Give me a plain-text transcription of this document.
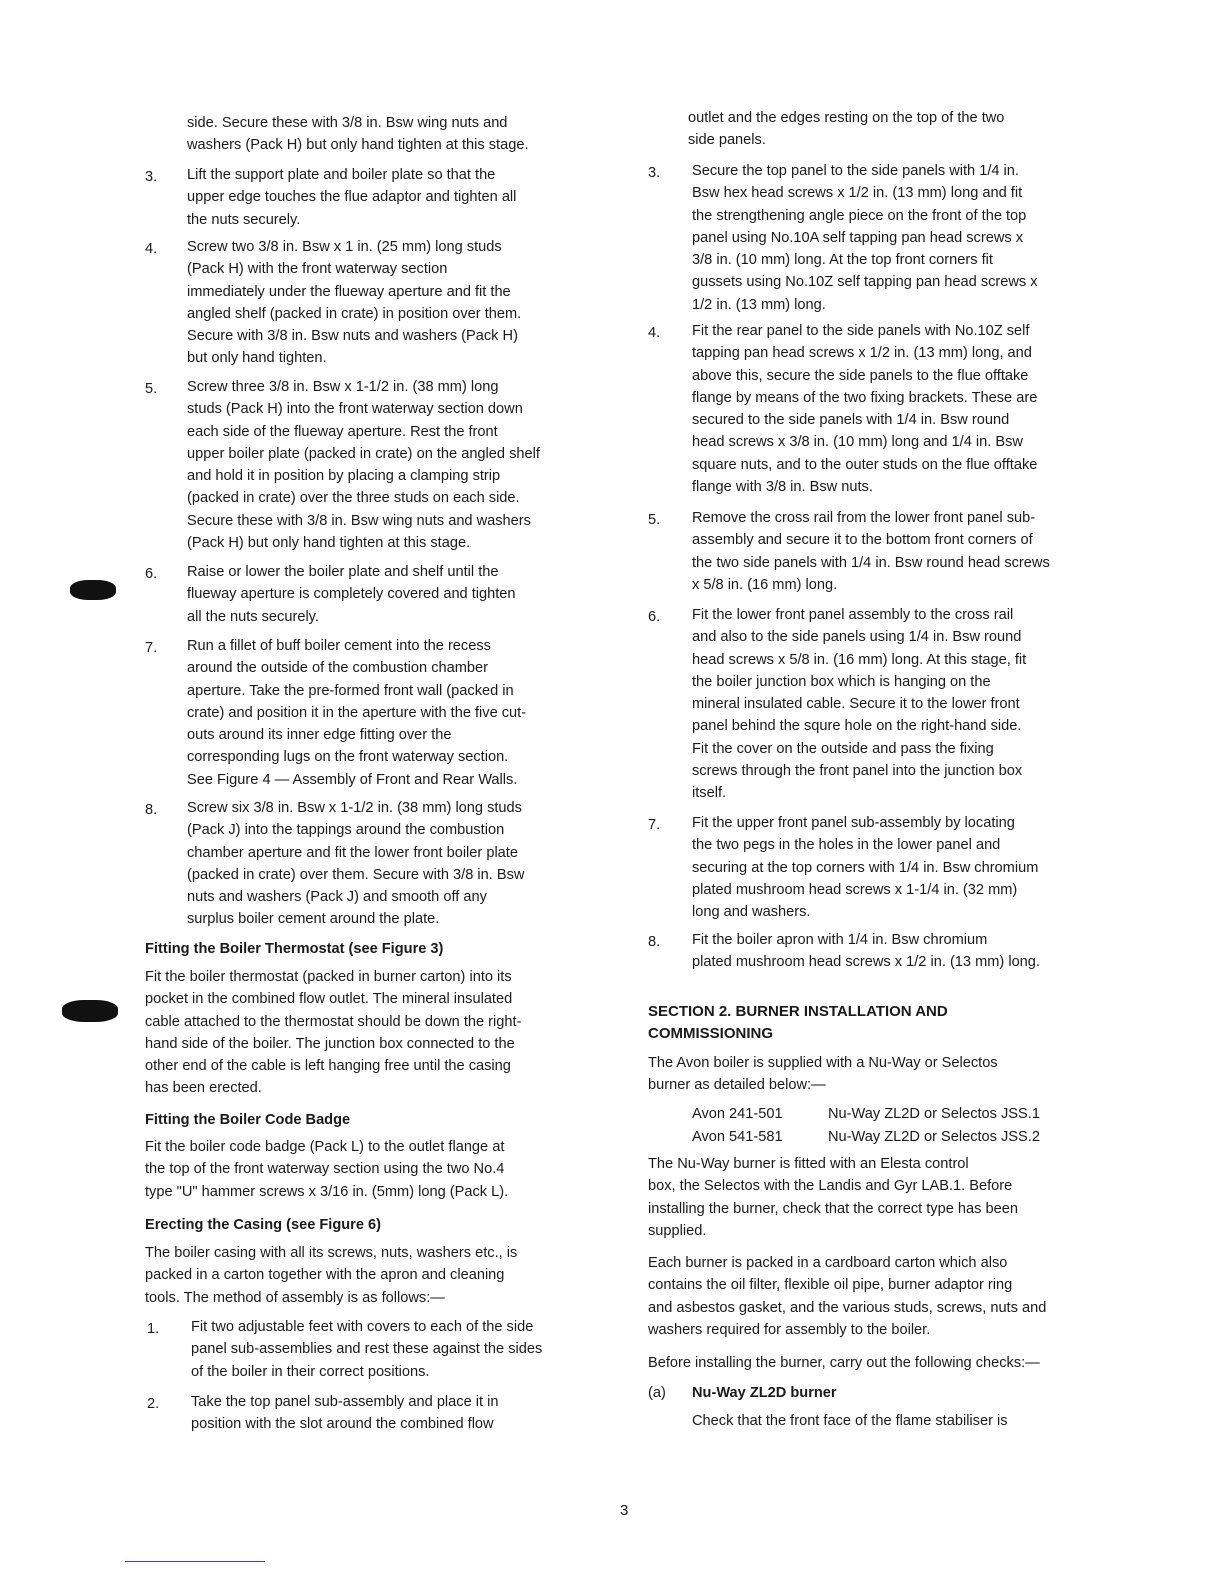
side. Secure these with 3/8 in. Bsw wing nuts and
washers (Pack H) but only hand tighten at this stage.
3. Lift the support plate and boiler plate so that the
upper edge touches the flue adaptor and tighten all
the nuts securely.
4. Screw two 3/8 in. Bsw x 1 in. (25 mm) long studs
(Pack H) with the front waterway section
immediately under the flueway aperture and fit the
angled shelf (packed in crate) in position over them.
Secure with 3/8 in. Bsw nuts and washers (Pack H)
but only hand tighten.
5. Screw three 3/8 in. Bsw x 1-1/2 in. (38 mm) long
studs (Pack H) into the front waterway section down
each side of the flueway aperture. Rest the front
upper boiler plate (packed in crate) on the angled shelf
and hold it in position by placing a clamping strip
(packed in crate) over the three studs on each side.
Secure these with 3/8 in. Bsw wing nuts and washers
(Pack H) but only hand tighten at this stage.
6. Raise or lower the boiler plate and shelf until the
flueway aperture is completely covered and tighten
all the nuts securely.
7. Run a fillet of buff boiler cement into the recess
around the outside of the combustion chamber
aperture. Take the pre-formed front wall (packed in
crate) and position it in the aperture with the five cut-
outs around its inner edge fitting over the
corresponding lugs on the front waterway section.
See Figure 4 — Assembly of Front and Rear Walls.
8. Screw six 3/8 in. Bsw x 1-1/2 in. (38 mm) long studs
(Pack J) into the tappings around the combustion
chamber aperture and fit the lower front boiler plate
(packed in crate) over them. Secure with 3/8 in. Bsw
nuts and washers (Pack J) and smooth off any
surplus boiler cement around the plate.
Fitting the Boiler Thermostat (see Figure 3)
Fit the boiler thermostat (packed in burner carton) into its
pocket in the combined flow outlet. The mineral insulated
cable attached to the thermostat should be down the right-
hand side of the boiler. The junction box connected to the
other end of the cable is left hanging free until the casing
has been erected.
Fitting the Boiler Code Badge
Fit the boiler code badge (Pack L) to the outlet flange at
the top of the front waterway section using the two No.4
type "U" hammer screws x 3/16 in. (5mm) long (Pack L).
Erecting the Casing (see Figure 6)
The boiler casing with all its screws, nuts, washers etc., is
packed in a carton together with the apron and cleaning
tools. The method of assembly is as follows:—
1. Fit two adjustable feet with covers to each of the side
panel sub-assemblies and rest these against the sides
of the boiler in their correct positions.
2. Take the top panel sub-assembly and place it in
position with the slot around the combined flow
outlet and the edges resting on the top of the two
side panels.
3. Secure the top panel to the side panels with 1/4 in.
Bsw hex head screws x 1/2 in. (13 mm) long and fit
the strengthening angle piece on the front of the top
panel using No.10A self tapping pan head screws x
3/8 in. (10 mm) long. At the top front corners fit
gussets using No.10Z self tapping pan head screws x
1/2 in. (13 mm) long.
4. Fit the rear panel to the side panels with No.10Z self
tapping pan head screws x 1/2 in. (13 mm) long, and
above this, secure the side panels to the flue offtake
flange by means of the two fixing brackets. These are
secured to the side panels with 1/4 in. Bsw round
head screws x 3/8 in. (10 mm) long and 1/4 in. Bsw
square nuts, and to the outer studs on the flue offtake
flange with 3/8 in. Bsw nuts.
5. Remove the cross rail from the lower front panel sub-
assembly and secure it to the bottom front corners of
the two side panels with 1/4 in. Bsw round head screws
x 5/8 in. (16 mm) long.
6. Fit the lower front panel assembly to the cross rail
and also to the side panels using 1/4 in. Bsw round
head screws x 5/8 in. (16 mm) long. At this stage, fit
the boiler junction box which is hanging on the
mineral insulated cable. Secure it to the lower front
panel behind the squre hole on the right-hand side.
Fit the cover on the outside and pass the fixing
screws through the front panel into the junction box
itself.
7. Fit the upper front panel sub-assembly by locating
the two pegs in the holes in the lower panel and
securing at the top corners with 1/4 in. Bsw chromium
plated mushroom head screws x 1-1/4 in. (32 mm)
long and washers.
8. Fit the boiler apron with 1/4 in. Bsw chromium
plated mushroom head screws x 1/2 in. (13 mm) long.
SECTION 2. BURNER INSTALLATION AND
COMMISSIONING
The Avon boiler is supplied with a Nu-Way or Selectos
burner as detailed below:—
Avon 241-501	Nu-Way ZL2D or Selectos JSS.1
Avon 541-581	Nu-Way ZL2D or Selectos JSS.2
The Nu-Way burner is fitted with an Elesta control
box, the Selectos with the Landis and Gyr LAB.1. Before
installing the burner, check that the correct type has been
supplied.
Each burner is packed in a cardboard carton which also
contains the oil filter, flexible oil pipe, burner adaptor ring
and asbestos gasket, and the various studs, screws, nuts and
washers required for assembly to the boiler.
Before installing the burner, carry out the following checks:—
(a) Nu-Way ZL2D burner
Check that the front face of the flame stabiliser is
3
